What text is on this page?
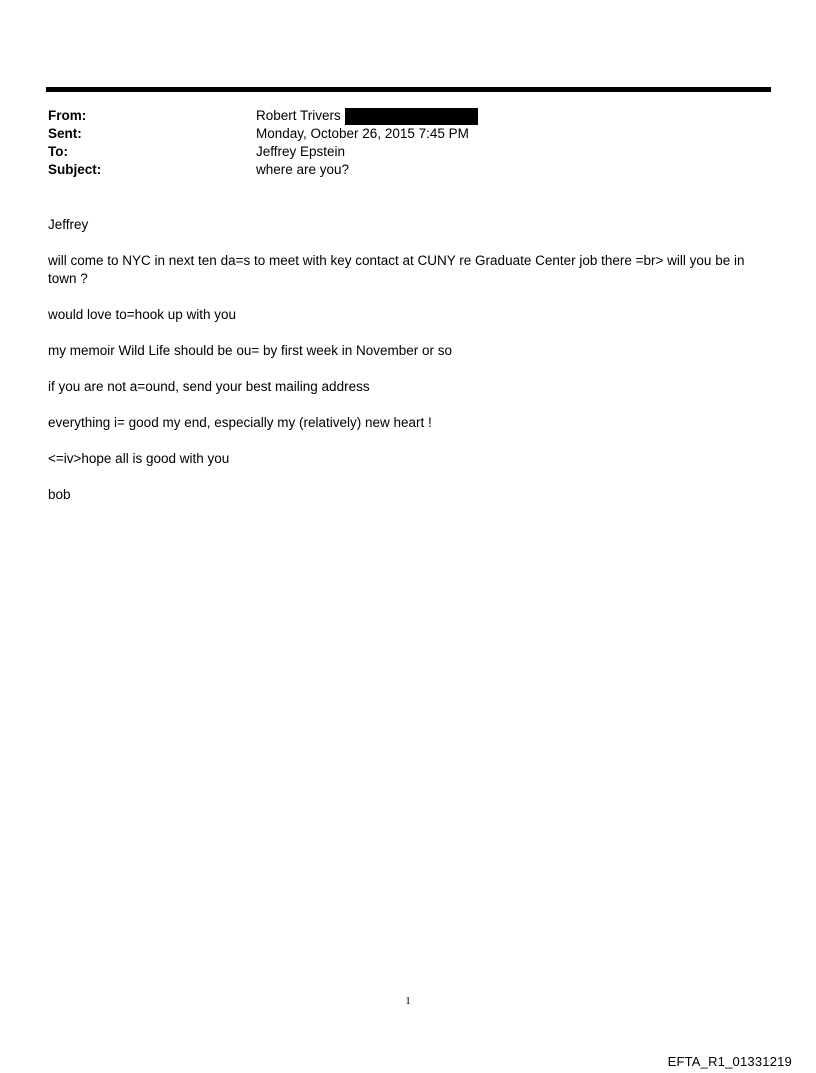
From:	Robert Trivers
Sent:	Monday, October 26, 2015 7:45 PM
To:	Jeffrey Epstein
Subject:	where are you?

Jeffrey

will come to NYC in next ten da=s to meet with key contact at CUNY re Graduate Center job there =br> will you be in town ?

would love to=hook up with you

my memoir Wild Life should be ou= by first week in November or so

if you are not a=ound, send your best mailing address

everything i= good my end, especially my (relatively) new heart !

<=iv>hope all is good with you

bob

1
EFTA_R1_01331219
